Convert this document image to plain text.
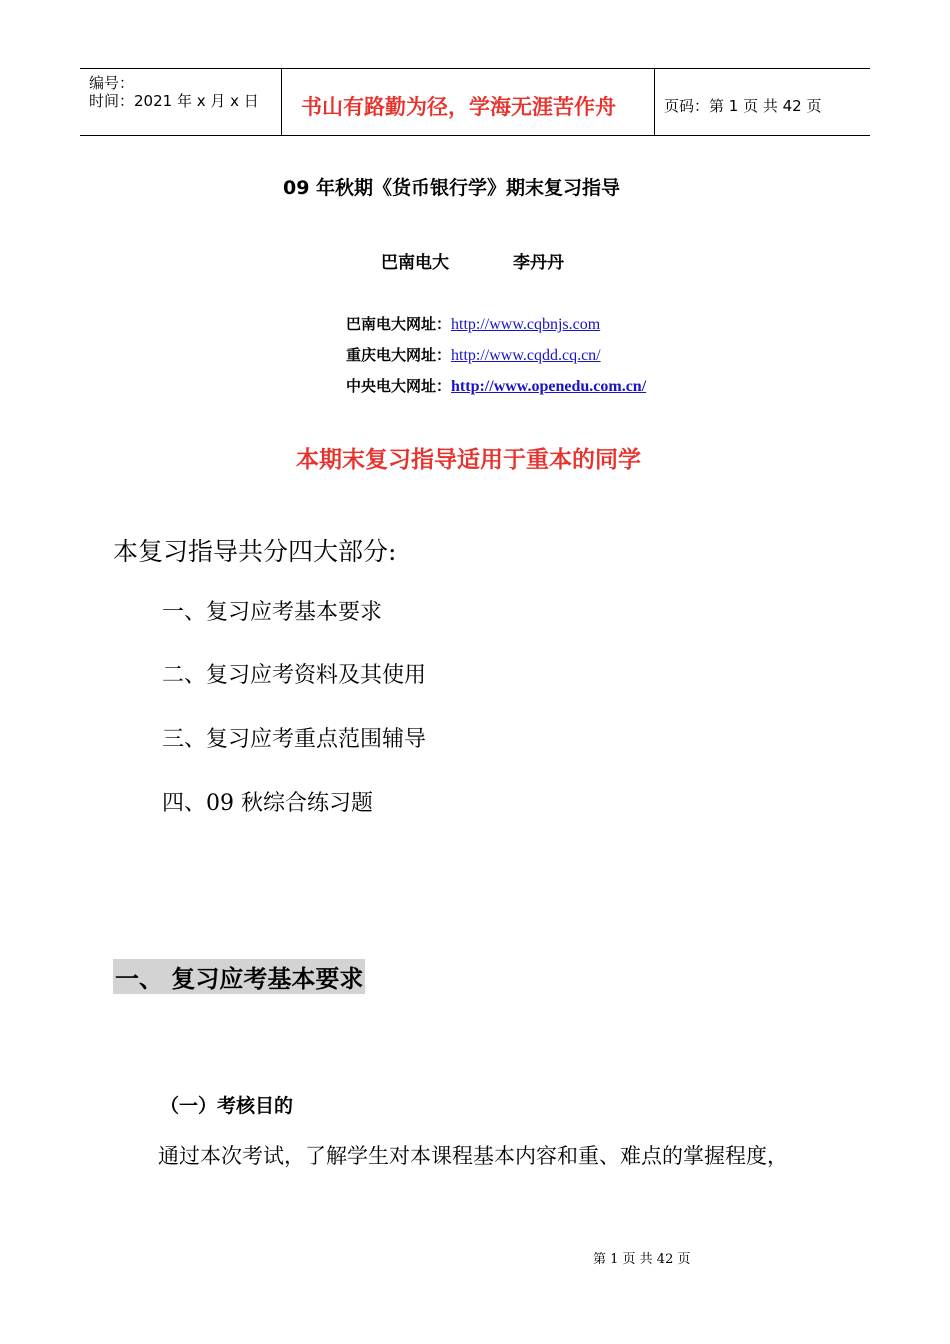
编号：
时间：2021 年 x 月 x 日 书山有路勤为径，学海无涯苦作舟	页码：第 1 页 共 42 页
09 年秋期《货币银行学》期末复习指导
巴南电大	李丹丹
巴南电大网址：http://www.cqbnjs.com
重庆电大网址：http://www.cqdd.cq.cn/
中央电大网址：http://www.openedu.com.cn/
本期末复习指导适用于重本的同学
本复习指导共分四大部分:
一、复习应考基本要求
二、复习应考资料及其使用
三、复习应考重点范围辅导
四、09 秋综合练习题
一、 复习应考基本要求
（一）考核目的
通过本次考试，了解学生对本课程基本内容和重、难点的掌握程度，
第 1 页 共 42 页
